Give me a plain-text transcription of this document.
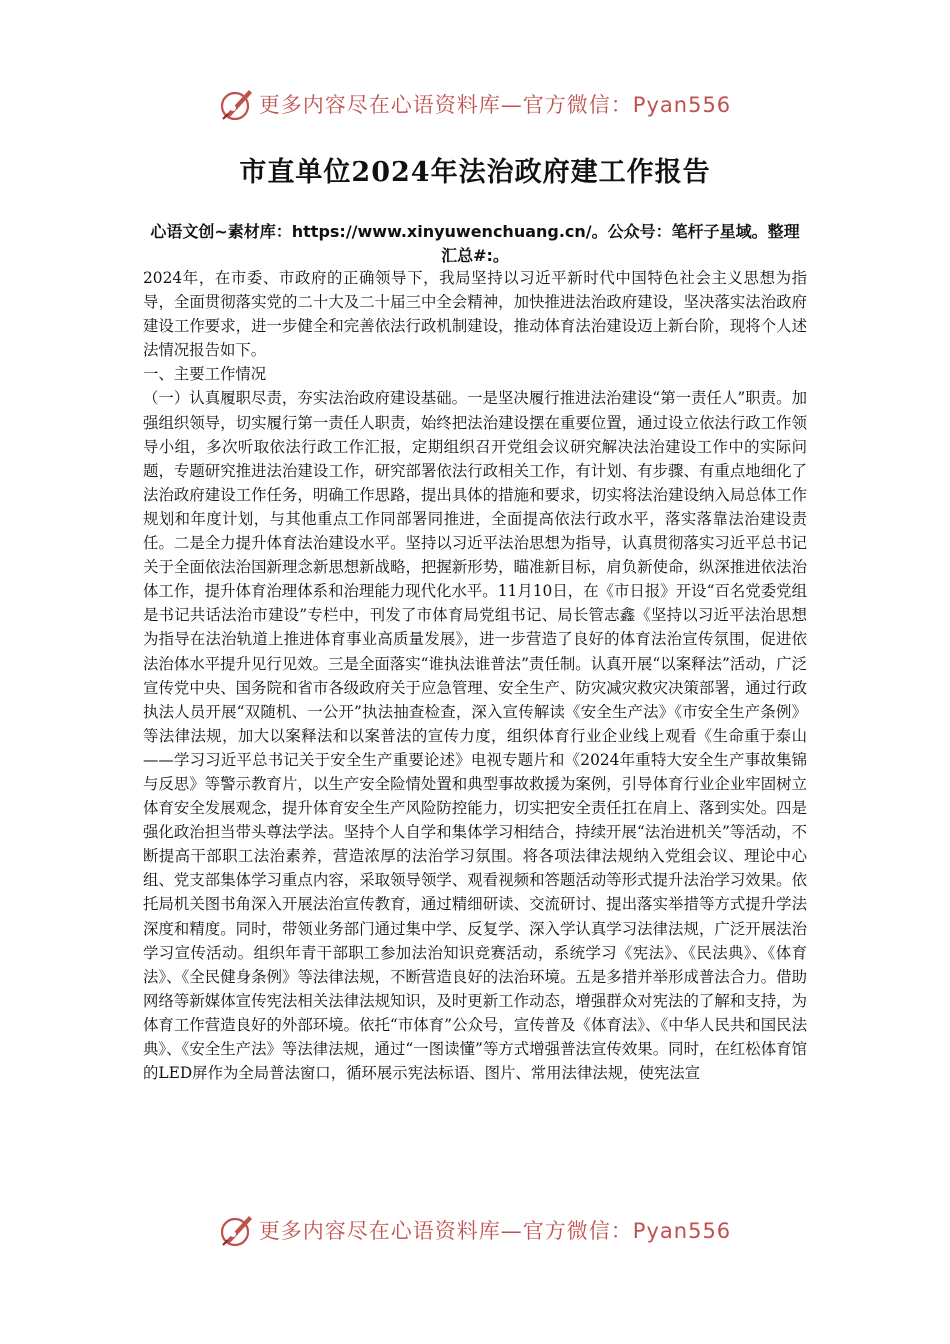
更多内容尽在心语资料库—官方微信：Pyan556
市直单位2024年法治政府建工作报告

心语文创~素材库：https://www.xinyuwenchuang.cn/。公众号：笔杆子星域。整理汇总#:。

2024年，在市委、市政府的正确领导下，我局坚持以习近平新时代中国特色社会主义思想为指导，全面贯彻落实党的二十大及二十届三中全会精神，加快推进法治政府建设，坚决落实法治政府建设工作要求，进一步健全和完善依法行政机制建设，推动体育法治建设迈上新台阶，现将个人述法情况报告如下。

一、主要工作情况

（一）认真履职尽责，夯实法治政府建设基础。一是坚决履行推进法治建设“第一责任人”职责。加强组织领导，切实履行第一责任人职责，始终把法治建设摆在重要位置，通过设立依法行政工作领导小组，多次听取依法行政工作汇报，定期组织召开党组会议研究解决法治建设工作中的实际问题，专题研究推进法治建设工作，研究部署依法行政相关工作，有计划、有步骤、有重点地细化了法治政府建设工作任务，明确工作思路，提出具体的措施和要求，切实将法治建设纳入局总体工作规划和年度计划，与其他重点工作同部署同推进，全面提高依法行政水平，落实落靠法治建设责任。二是全力提升体育法治建设水平。坚持以习近平法治思想为指导，认真贯彻落实习近平总书记关于全面依法治国新理念新思想新战略，把握新形势，瞄准新目标，肩负新使命，纵深推进依法治体工作，提升体育治理体系和治理能力现代化水平。11月10日，在《市日报》开设“百名党委党组是书记共话法治市建设”专栏中，刊发了市体育局党组书记、局长管志鑫《坚持以习近平法治思想为指导在法治轨道上推进体育事业高质量发展》，进一步营造了良好的体育法治宣传氛围，促进依法治体水平提升见行见效。三是全面落实“谁执法谁普法”责任制。认真开展“以案释法”活动，广泛宣传党中央、国务院和省市各级政府关于应急管理、安全生产、防灾减灾救灾决策部署，通过行政执法人员开展“双随机、一公开”执法抽查检查，深入宣传解读《安全生产法》《市安全生产条例》等法律法规，加大以案释法和以案普法的宣传力度，组织体育行业企业线上观看《生命重于泰山——学习习近平总书记关于安全生产重要论述》电视专题片和《2024年重特大安全生产事故集锦与反思》等警示教育片，以生产安全险情处置和典型事故救援为案例，引导体育行业企业牢固树立体育安全发展观念，提升体育安全生产风险防控能力，切实把安全责任扛在肩上、落到实处。四是强化政治担当带头尊法学法。坚持个人自学和集体学习相结合，持续开展“法治进机关”等活动，不断提高干部职工法治素养，营造浓厚的法治学习氛围。将各项法律法规纳入党组会议、理论中心组、党支部集体学习重点内容，采取领导领学、观看视频和答题活动等形式提升法治学习效果。依托局机关图书角深入开展法治宣传教育，通过精细研读、交流研讨、提出落实举措等方式提升学法深度和精度。同时，带领业务部门通过集中学、反复学、深入学认真学习法律法规，广泛开展法治学习宣传活动。组织年青干部职工参加法治知识竞赛活动，系统学习《宪法》、《民法典》、《体育法》、《全民健身条例》等法律法规，不断营造良好的法治环境。五是多措并举形成普法合力。借助网络等新媒体宣传宪法相关法律法规知识，及时更新工作动态，增强群众对宪法的了解和支持，为体育工作营造良好的外部环境。依托“市体育”公众号，宣传普及《体育法》、《中华人民共和国民法典》、《安全生产法》等法律法规，通过“一图读懂”等方式增强普法宣传效果。同时，在红松体育馆的LED屏作为全局普法窗口，循环展示宪法标语、图片、常用法律法规，使宪法宣

更多内容尽在心语资料库—官方微信：Pyan556
